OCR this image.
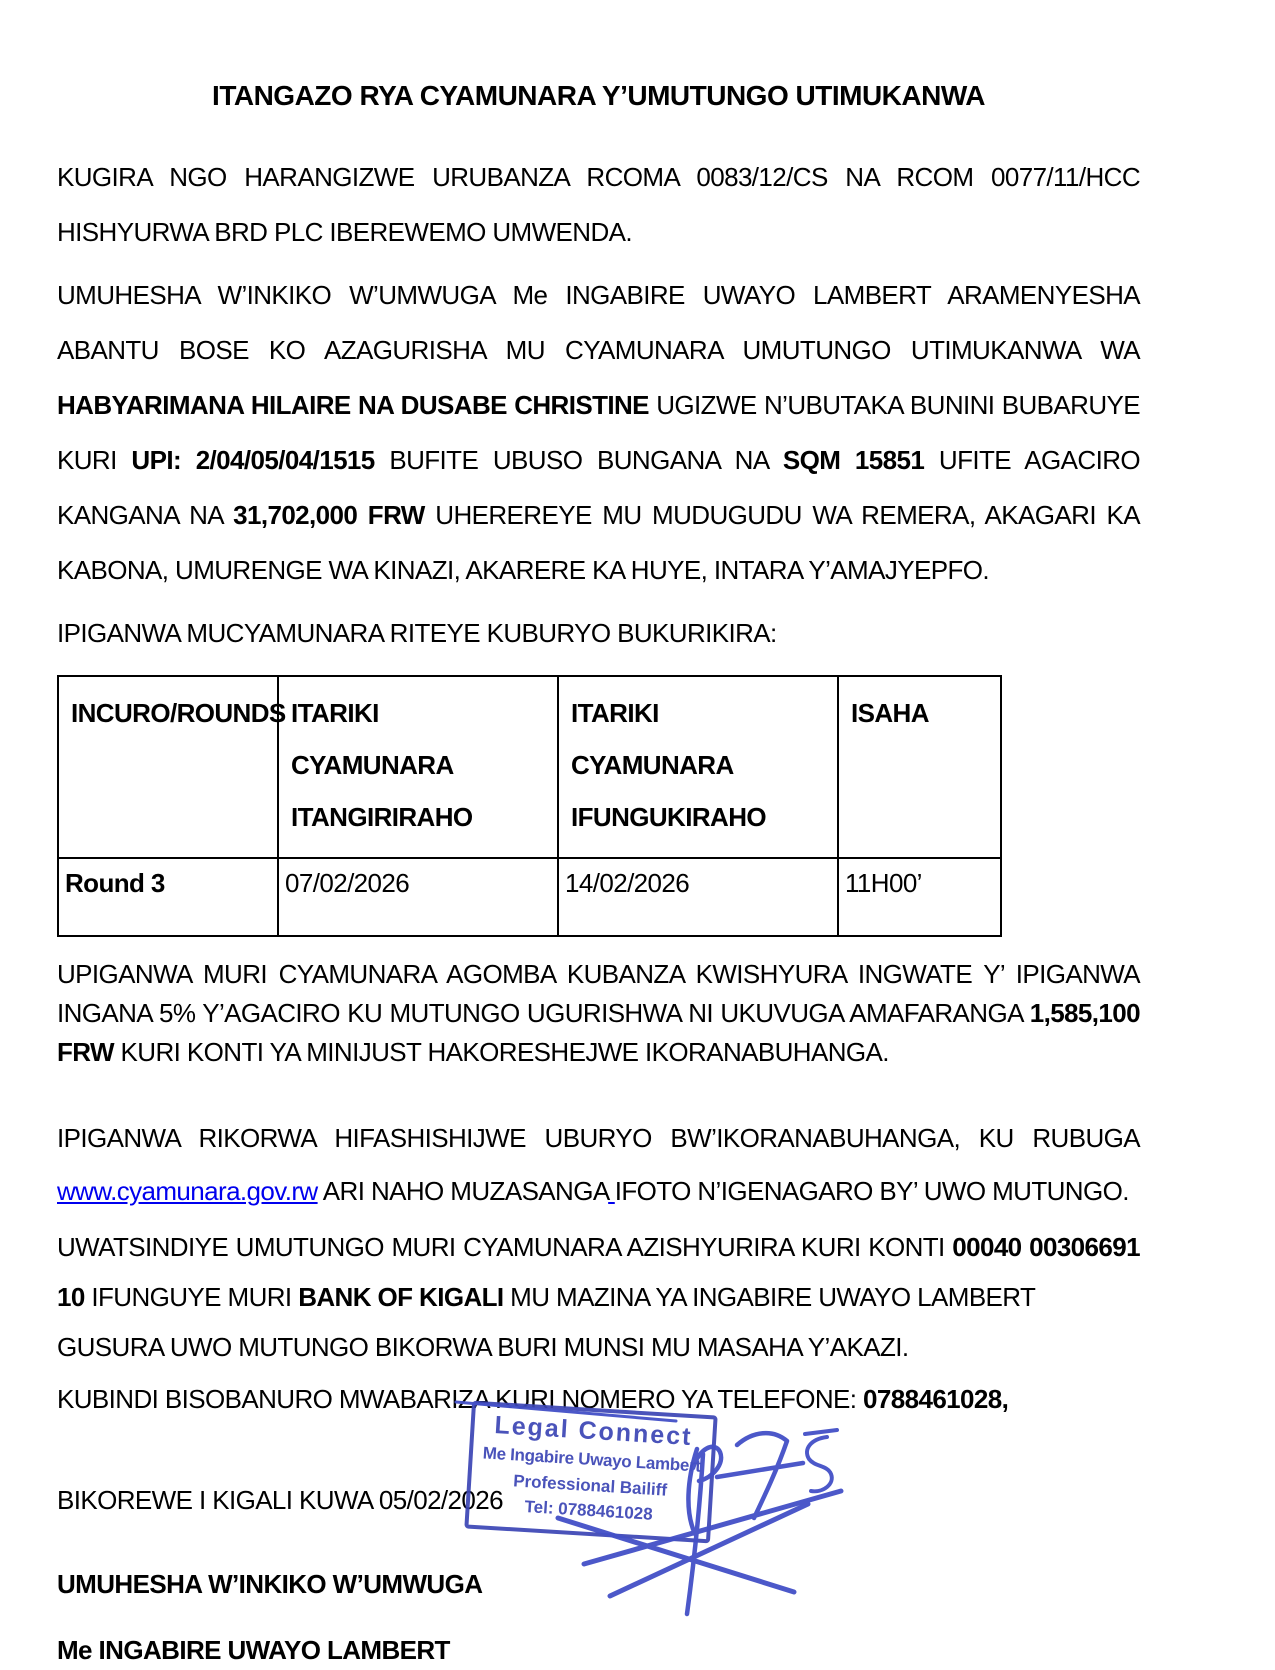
ITANGAZO RYA CYAMUNARA Y’UMUTUNGO UTIMUKANWA

KUGIRA NGO HARANGIZWE URUBANZA RCOMA 0083/12/CS NA RCOM 0077/11/HCC HISHYURWA BRD PLC IBEREWEMO UMWENDA.

UMUHESHA W’INKIKO W’UMWUGA Me INGABIRE UWAYO LAMBERT ARAMENYESHA ABANTU BOSE KO AZAGURISHA MU CYAMUNARA UMUTUNGO UTIMUKANWA WA HABYARIMANA HILAIRE NA DUSABE CHRISTINE UGIZWE N’UBUTAKA BUNINI BUBARUYE KURI UPI: 2/04/05/04/1515 BUFITE UBUSO BUNGANA NA SQM 15851 UFITE AGACIRO KANGANA NA 31,702,000 FRW UHEREREYE MU MUDUGUDU WA REMERA, AKAGARI KA KABONA, UMURENGE WA KINAZI, AKARERE KA HUYE, INTARA Y’AMAJYEPFO.

IPIGANWA MUCYAMUNARA RITEYE KUBURYO BUKURIKIRA:

INCURO/ROUNDS	ITARIKI CYAMUNARA ITANGIRIRAHO	ITARIKI CYAMUNARA IFUNGUKIRAHO	ISAHA
Round 3	07/02/2026	14/02/2026	11H00’

UPIGANWA MURI CYAMUNARA AGOMBA KUBANZA KWISHYURA INGWATE Y’ IPIGANWA INGANA 5% Y’AGACIRO KU MUTUNGO UGURISHWA NI UKUVUGA AMAFARANGA 1,585,100 FRW KURI KONTI YA MINIJUST HAKORESHEJWE IKORANABUHANGA.

IPIGANWA RIKORWA HIFASHISHIJWE UBURYO BW’IKORANABUHANGA, KU RUBUGA www.cyamunara.gov.rw ARI NAHO MUZASANGA IFOTO N’IGENAGARO BY’ UWO MUTUNGO.

UWATSINDIYE UMUTUNGO MURI CYAMUNARA AZISHYURIRA KURI KONTI 00040 00306691 10 IFUNGUYE MURI BANK OF KIGALI MU MAZINA YA INGABIRE UWAYO LAMBERT

GUSURA UWO MUTUNGO BIKORWA BURI MUNSI MU MASAHA Y’AKAZI.

KUBINDI BISOBANURO MWABARIZA KURI NOMERO YA TELEFONE: 0788461028,

BIKOREWE I KIGALI KUWA 05/02/2026

UMUHESHA W’INKIKO W’UMWUGA

Me INGABIRE UWAYO LAMBERT

Legal Connect
Me Ingabire Uwayo Lambert
Professional Bailiff
Tel: 0788461028
